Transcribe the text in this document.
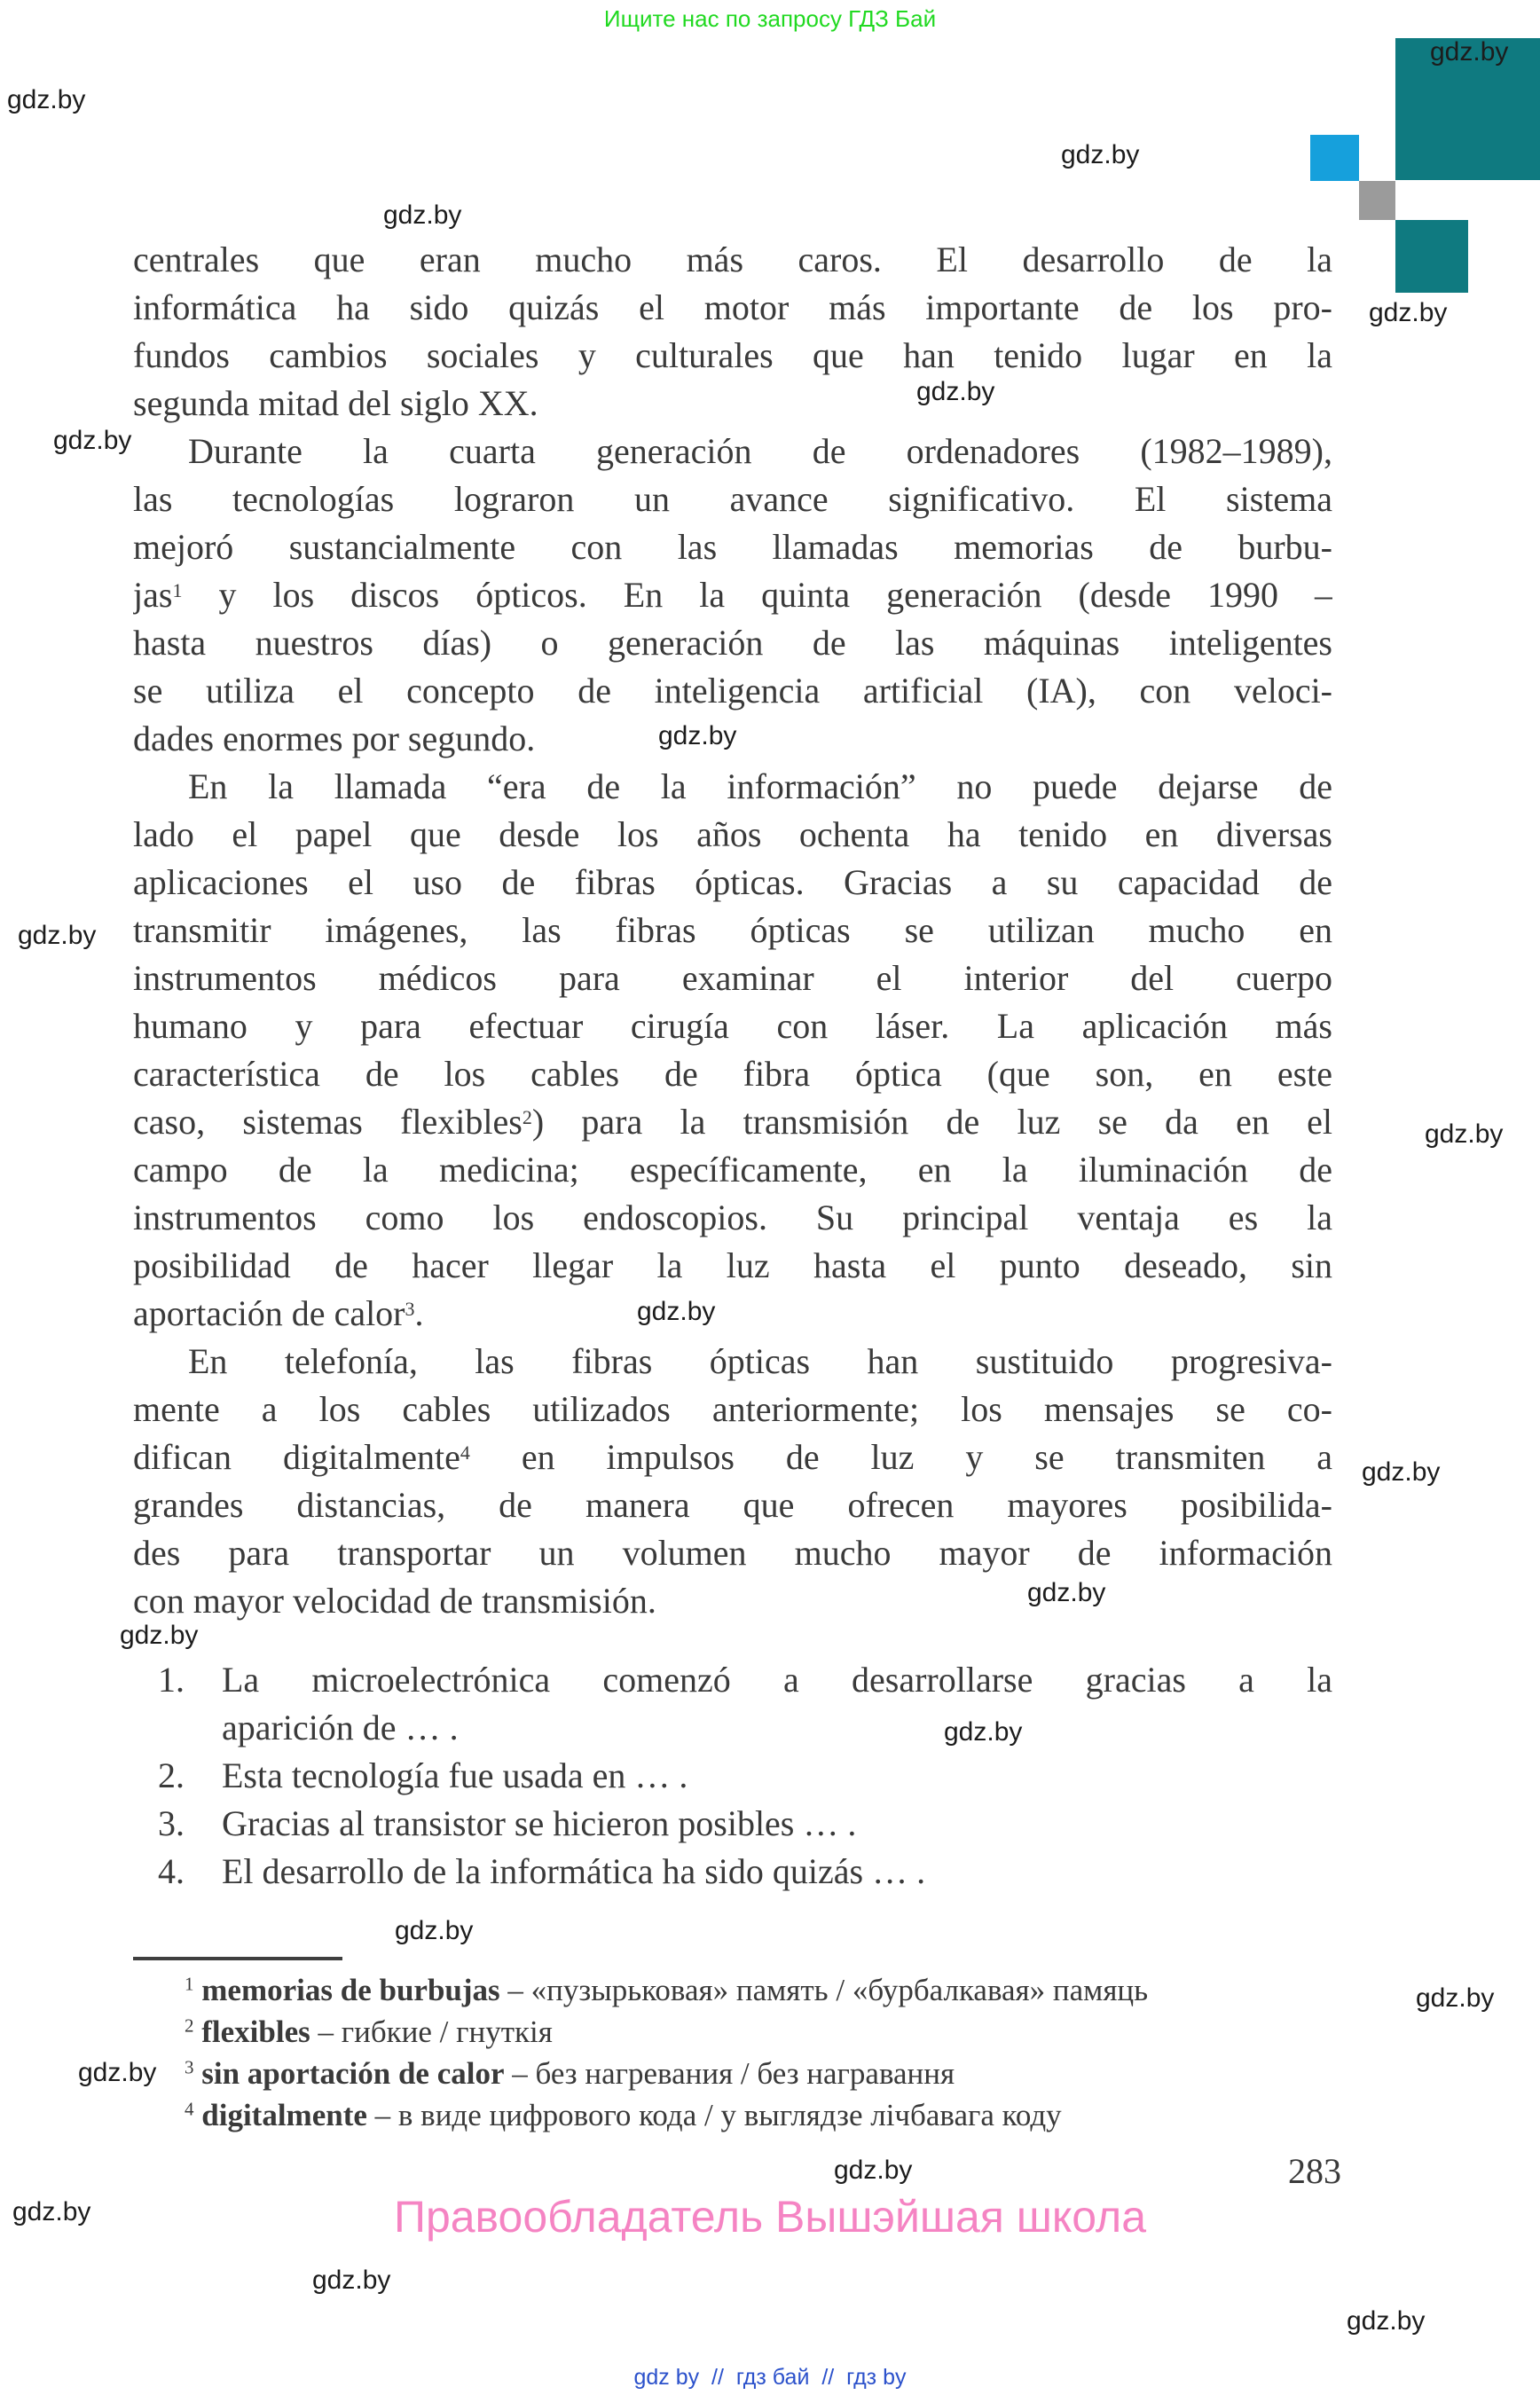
Ищите нас по запросу ГДЗ Бай
gdz.by
gdz.by
gdz.by
gdz.by
gdz.by
gdz.by
gdz.by
gdz.by
gdz.by
gdz.by
gdz.by
gdz.by
gdz.by
gdz.by
gdz.by
gdz.by
gdz.by
gdz.by
gdz.by
gdz.by
gdz.by
gdz.by
centrales que eran mucho más caros. El desarrollo de la
informática ha sido quizás el motor más importante de los pro-
fundos cambios sociales y culturales que han tenido lugar en la
segunda mitad del siglo XX.
Durante la cuarta generación de ordenadores (1982–1989),
las tecnologías lograron un avance significativo. El sistema
mejoró sustancialmente con las llamadas memorias de burbu-
jas$^1$ y los discos ópticos. En la quinta generación (desde 1990 –
hasta nuestros días) o generación de las máquinas inteligentes
se utiliza el concepto de inteligencia artificial (IA), con veloci-
dades enormes por segundo.
En la llamada “era de la información” no puede dejarse de
lado el papel que desde los años ochenta ha tenido en diversas
aplicaciones el uso de fibras ópticas. Gracias a su capacidad de
transmitir imágenes, las fibras ópticas se utilizan mucho en
instrumentos médicos para examinar el interior del cuerpo
humano y para efectuar cirugía con láser. La aplicación más
característica de los cables de fibra óptica (que son, en este
caso, sistemas flexibles$^2$) para la transmisión de luz se da en el
campo de la medicina; específicamente, en la iluminación de
instrumentos como los endoscopios. Su principal ventaja es la
posibilidad de hacer llegar la luz hasta el punto deseado, sin
aportación de calor$^3$.
En telefonía, las fibras ópticas han sustituido progresiva-
mente a los cables utilizados anteriormente; los mensajes se co-
difican digitalmente$^4$ en impulsos de luz y se transmiten a
grandes distancias, de manera que ofrecen mayores posibilida-
des para transportar un volumen mucho mayor de información
con mayor velocidad de transmisión.
1. La microelectrónica comenzó a desarrollarse gracias a la
aparición de … .
2. Esta tecnología fue usada en … .
3. Gracias al transistor se hicieron posibles … .
4. El desarrollo de la informática ha sido quizás … .
$^1$ memorias de burbujas – «пузырьковая» память / «бурбалкавая» памяць
$^2$ flexibles – гибкие / гнуткія
$^3$ sin aportación de calor – без нагревания / без награвання
$^4$ digitalmente – в виде цифрового кода / у выглядзе лічбавага коду
283
Правообладатель Вышэйшая школа
gdz by  //  гдз бай  //  гдз by
